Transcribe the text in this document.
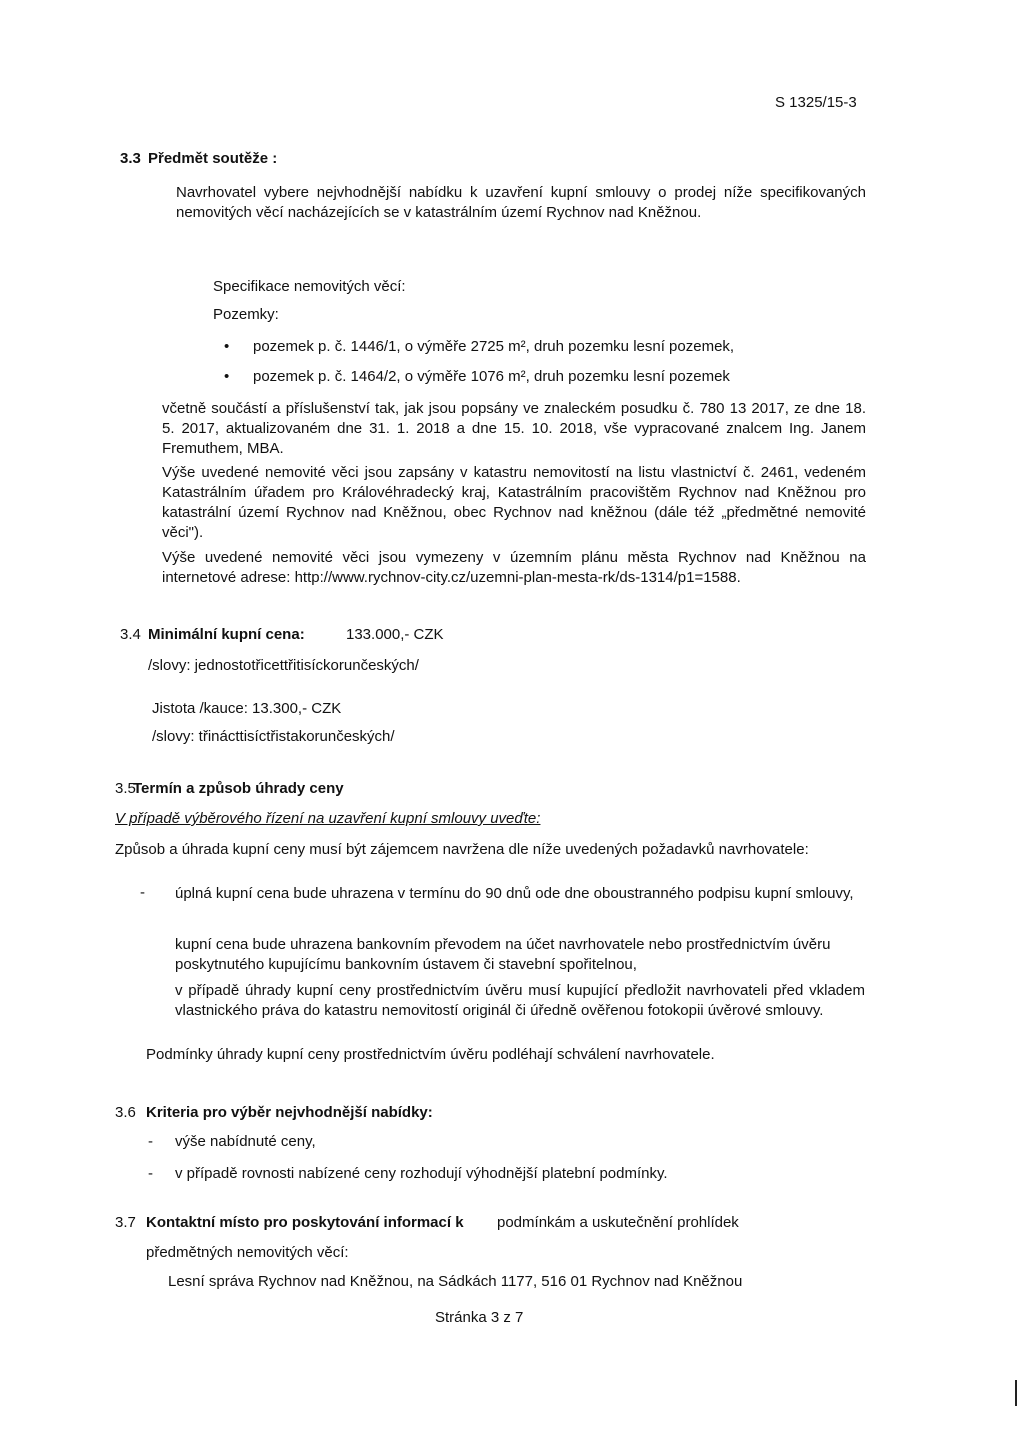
S 1325/15-3
3.3 Předmět soutěže :
Navrhovatel vybere nejvhodnější nabídku k uzavření kupní smlouvy o prodej níže specifikovaných nemovitých věcí nacházejících se v katastrálním území Rychnov nad Kněžnou.
Specifikace nemovitých věcí:
Pozemky:
• pozemek p. č. 1446/1, o výměře 2725 m², druh pozemku lesní pozemek,
• pozemek p. č. 1464/2, o výměře 1076 m², druh pozemku lesní pozemek
včetně součástí a příslušenství tak, jak jsou popsány ve znaleckém posudku č. 780 13 2017, ze dne 18. 5. 2017, aktualizovaném dne 31. 1. 2018 a dne 15. 10. 2018, vše vypracované znalcem Ing. Janem Fremuthem, MBA.
Výše uvedené nemovité věci jsou zapsány v katastru nemovitostí na listu vlastnictví č. 2461, vedeném Katastrálním úřadem pro Královéhradecký kraj, Katastrálním pracovištěm Rychnov nad Kněžnou pro katastrální území Rychnov nad Kněžnou, obec Rychnov nad kněžnou (dále též „předmětné nemovité věci").
Výše uvedené nemovité věci jsou vymezeny v územním plánu města Rychnov nad Kněžnou na internetové adrese: http://www.rychnov-city.cz/uzemni-plan-mesta-rk/ds-1314/p1=1588.
3.4 Minimální kupní cena:	133.000,- CZK
/slovy: jednostotřicettřitisíckorunčeských/
Jistota /kauce: 13.300,- CZK
/slovy: třinácttisíctřistakorunčeských/
3.5
Termín a způsob úhrady ceny
V případě výběrového řízení na uzavření kupní smlouvy uveďte:
Způsob a úhrada kupní ceny musí být zájemcem navržena dle níže uvedených požadavků navrhovatele:
- úplná kupní cena bude uhrazena v termínu do 90 dnů ode dne oboustranného podpisu kupní smlouvy,
kupní cena bude uhrazena bankovním převodem na účet navrhovatele nebo prostřednictvím úvěru poskytnutého kupujícímu bankovním ústavem či stavební spořitelnou,
v případě úhrady kupní ceny prostřednictvím úvěru musí kupující předložit navrhovateli před vkladem vlastnického práva do katastru nemovitostí originál či úředně ověřenou fotokopii úvěrové smlouvy.
Podmínky úhrady kupní ceny prostřednictvím úvěru podléhají schválení navrhovatele.
3.6 Kriteria pro výběr nejvhodnější nabídky:
- výše nabídnuté ceny,
- v případě rovnosti nabízené ceny rozhodují výhodnější platební podmínky.
3.7 Kontaktní místo pro poskytování informací k podmínkám a uskutečnění prohlídek
předmětných nemovitých věcí:
Lesní správa Rychnov nad Kněžnou, na Sádkách 1177, 516 01 Rychnov nad Kněžnou
Stránka 3 z 7
